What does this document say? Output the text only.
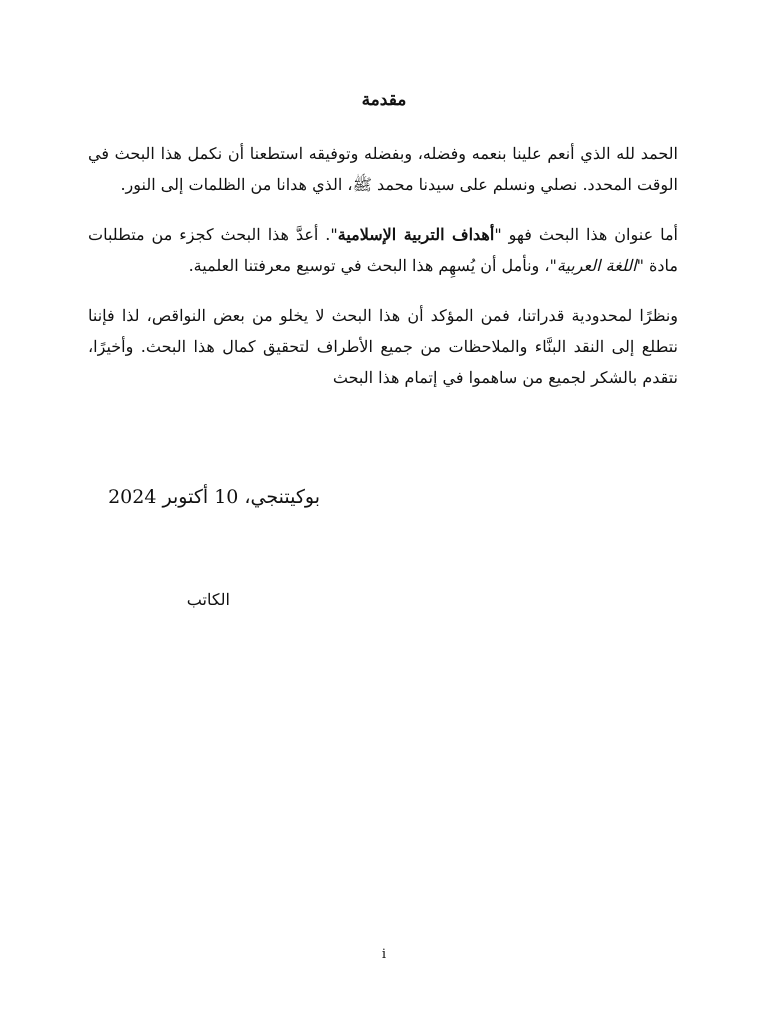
مقدمة
الحمد لله الذي أنعم علينا بنعمه وفضله، وبفضله وتوفيقه استطعنا أن نكمل هذا البحث في الوقت المحدد. نصلي ونسلم على سيدنا محمد ﷺ، الذي هدانا من الظلمات إلى النور.
أما عنوان هذا البحث فهو "أهداف التربية الإسلامية". أعدَّ هذا البحث كجزء من متطلبات مادة "اللغة العربية"، ونأمل أن يُسهِم هذا البحث في توسيع معرفتنا العلمية.
ونظرًا لمحدودية قدراتنا، فمن المؤكد أن هذا البحث لا يخلو من بعض النواقص، لذا فإننا نتطلع إلى النقد البنَّاء والملاحظات من جميع الأطراف لتحقيق كمال هذا البحث. وأخيرًا، نتقدم بالشكر لجميع من ساهموا في إتمام هذا البحث
بوكيتنجي، 10 أكتوبر 2024
الكاتب
i
